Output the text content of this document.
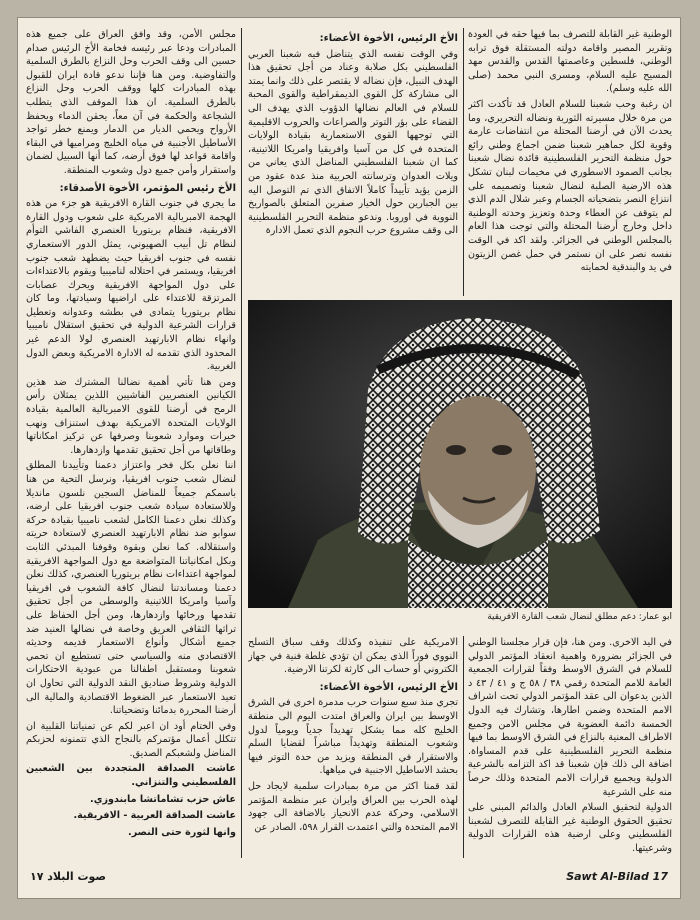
مجلس الأمن، وقد وافق العراق على جميع هذه المبادرات ودعا عبر رئيسه فخامة الأخ الرئيس صدام حسين الى وقف الحرب وحل النزاع بالطرق السلمية والتفاوضية. ومن هنا فإننا ندعو قادة ايران للقبول بهذه المبادرات كلها ووقف الحرب وحل النزاع بالطرق السلمية. ان هذا الموقف الذي يتطلب الشجاعة والحكمة في آن معاً، يحقن الدماء ويحفظ الأرواح ويحمي الديار من الدمار ويمنع خطر تواجد الأساطيل الأجنبية في مياه الخليج ومراميها في البقاء واقامة قواعد لها فوق أرضه، كما أنها السبيل لضمان واستقرار وأمن جميع دول وشعوب المنطقة.

الأخ رئيس المؤتمر، الأخوة الأصدقاء:

ما يجري في جنوب القارة الافريقية هو جزء من هذه الهجمة الامبريالية الامريكية على شعوب ودول القارة الافريقية، فنظام بريتوريا العنصري الفاشي التوأم لنظام تل أبيب الصهيوني، يمثل الدور الاستعماري نفسه في جنوب افريقيا حيث يضطهد شعب جنوب افريقيا، ويستمر في احتلاله لناميبيا ويقوم بالاعتداءات على دول المواجهة الافريقية ويحرك عصابات المرتزقة للاعتداء على اراضيها وسيادتها، وما كان نظام بريتوريا يتمادى في بطشه وعدوانه وتعطيل قرارات الشرعية الدولية في تحقيق استقلال ناميبيا وانهاء نظام الابارتهيد العنصري لولا الدعم غير المحدود الذي تقدمه له الادارة الامريكية وبعض الدول الغربية.

ومن هنا تأتي أهمية نضالنا المشترك ضد هذين الكيانين العنصريين الفاشيين اللذين يمثلان رأس الرمح في أرضنا للقوى الامبريالية العالمية بقيادة الولايات المتحدة الامريكية بهدف استنزاف ونهب خيرات وموارد شعوبنا وصرفها عن تركيز امكاناتها وطاقاتها من أجل تحقيق تقدمها وازدهارها.

اننا نعلن بكل فخر واعتزاز دعمنا وتأييدنا المطلق لنضال شعب جنوب افريقيا، ونرسل التحية من هنا باسمكم جميعاً للمناضل السجين نلسون مانديلا وللاستعادة سيادة شعب جنوب افريقيا على ارضه، وكذلك نعلن دعمنا الكامل لشعب ناميبيا بقيادة حركة سوابو ضد نظام الابارتهيد العنصري لاستعادة حريته واستقلاله. كما نعلن وبقوة وقوفنا المبدئي الثابت وبكل امكانياتنا المتواضعة مع دول المواجهة الافريقية لمواجهة اعتداءات نظام بريتوريا العنصري، كذلك نعلن دعمنا ومساندتنا لنضال كافة الشعوب في افريقيا وآسيا وامريكا اللاتينية والوسطى من أجل تحقيق تقدمها ورخائها وازدهارها، ومن أجل الحفاظ على تراثها الثقافي العريق وخاصة في نضالها العنيد ضد جميع أشكال وأنواع الاستعمار قديمه وحديثه الاقتصادي منه والسياسي حتى تستطيع ان تحمي شعوبنا ومستقبل اطفالنا من عبودية الاحتكارات الدولية وشروط صناديق النقد الدولية التي تحاول ان تعيد الاستعمار عبر الضغوط الاقتصادية والمالية الى أرضنا المحررة بدمائنا وتضحياتنا.

وفي الختام أود ان اعبر لكم عن تمنياتنا القلبية ان تتكلل أعمال مؤتمركم بالنجاح الذي تتمنونه لحزبكم المناضل ولشعبكم الصديق.

عاشت الصداقة المتجددة بين الشعبين الفلسطيني والتنزاني.

عاش حزب تشاماتشا مابندوزي.

عاشت الصداقة العربية - الافريقية.

وانها لثورة حتى النصر.

الأخ الرئيس، الأخوة الأعضاء:

وفي الوقت نفسه الذي يتناضل فيه شعبنا العربي الفلسطيني بكل صلابة وعناد من أجل تحقيق هذا الهدف النبيل، فإن نضاله لا يقتصر على ذلك وانما يمتد الى مشاركة كل القوى الديمقراطية والقوى المحبة للسلام في العالم نضالها الدؤوب الذي يهدف الى القضاء على بؤر التوتر والصراعات والحروب الاقليمية التي توجهها القوى الاستعمارية بقيادة الولايات المتحدة في كل من آسيا وافريقيا وامريكا اللاتينية، كما ان شعبنا الفلسطيني المناضل الذي يعاني من ويلات العدوان وترسانته الحربية منذ عدة عقود من الزمن يؤيد تأييداً كاملاً الاتفاق الذي تم التوصل اليه بين الجبارين حول الخيار صفرين المتعلق بالصواريخ النووية في اوروبا. وندعو منظمة التحرير الفلسطينية الى وقف مشروع حرب النجوم الذي تعمل الادارة

الوطنية غير القابلة للتصرف بما فيها حقه في العودة وتقرير المصير واقامة دولته المستقلة فوق ترابه الوطني، فلسطين وعاصمتها القدس والقدس مهد المسيح عليه السلام، ومسرى النبي محمد (صلى الله عليه وسلم).

ان رغبة وحب شعبنا للسلام العادل قد تأكدت اكثر من مرة خلال مسيرته الثورية ونضاله التحريري، وما يحدث الآن في أرضنا المحتلة من انتفاضات عارمة وقوية لكل جماهير شعبنا ضمن اجماع وطني رائع حول منظمة التحرير الفلسطينية قائدة نضال شعبنا بجانب الصمود الاسطوري في مخيمات لبنان تشكل هذه الارضية الصلبة لنضال شعبنا وتصميمه على انتزاع النصر بتضحياته الجسام وعبر شلال الدم الذي لم يتوقف عن العطاء وحدة وتعزيز وحدته الوطنية داخل وخارج أرضنا المحتلة والتي توجت هذا العام بالمجلس الوطني في الجزائر. ولقد اكد في الوقت نفسه نصر على ان نستمر في حمل غصن الزيتون في يد والبندقية لحمايته

ابو عمار: دعم مطلق لنضال شعب القارة الافريقية

الامريكية على تنفيذه وكذلك وقف سباق التسلح النووي فوراً الذي يمكن ان تؤدي غلطة فنية في جهاز الكتروني أو حساب الى كارثة لكرتنا الارضية.

الأخ الرئيس، الأخوة الأعضاء:

تجري منذ سبع سنوات حرب مدمرة اخرى في الشرق الاوسط بين ايران والعراق امتدت اليوم الى منطقة الخليج كله مما يشكل تهديداً جدياً ويومياً لدول وشعوب المنطقة وتهديداً مباشراً لقضايا السلم والاستقرار في المنطقة ويزيد من حدة التوتر فيها بحشد الاساطيل الاجنبية في مياهها.

لقد قمنا اكثر من مرة بمبادرات سلمية لايجاد حل لهذه الحرب بين العراق وايران عبر منظمة المؤتمر الاسلامي، وحركة عدم الانحياز بالاضافة الى جهود الامم المتحدة والتي اعتمدت القرار ٥٩٨، الصادر عن

في اليد الاخرى. ومن هنا، فإن قرار مجلسنا الوطني في الجزائر بضرورة واهمية انعقاد المؤتمر الدولي للسلام في الشرق الاوسط وفقاً لقرارات الجمعية العامة للامم المتحدة رقمي ٣٨ / ٥٨ ج و ٤١ / ٤٣ د الذين يدعوان الى عقد المؤتمر الدولي تحت اشراف الامم المتحدة وضمن اطارها، وتشارك فيه الدول الخمسة دائمة العضوية في مجلس الامن وجميع الاطراف المعنية بالنزاع في الشرق الاوسط بما فيها منظمة التحرير الفلسطينية على قدم المساواة. اضافة الى ذلك فإن شعبنا قد اكد التزامه بالشرعية الدولية ويجميع قرارات الامم المتحدة وذلك حرصاً منه على الشرعية

الدولية لتحقيق السلام العادل والدائم المبني على تحقيق الحقوق الوطنية غير القابلة للتصرف لشعبنا الفلسطيني وعلى ارضية هذه القرارات الدولية وشرعيتها.

صوت البلاد ١٧	Sawt Al-Bilad 17
